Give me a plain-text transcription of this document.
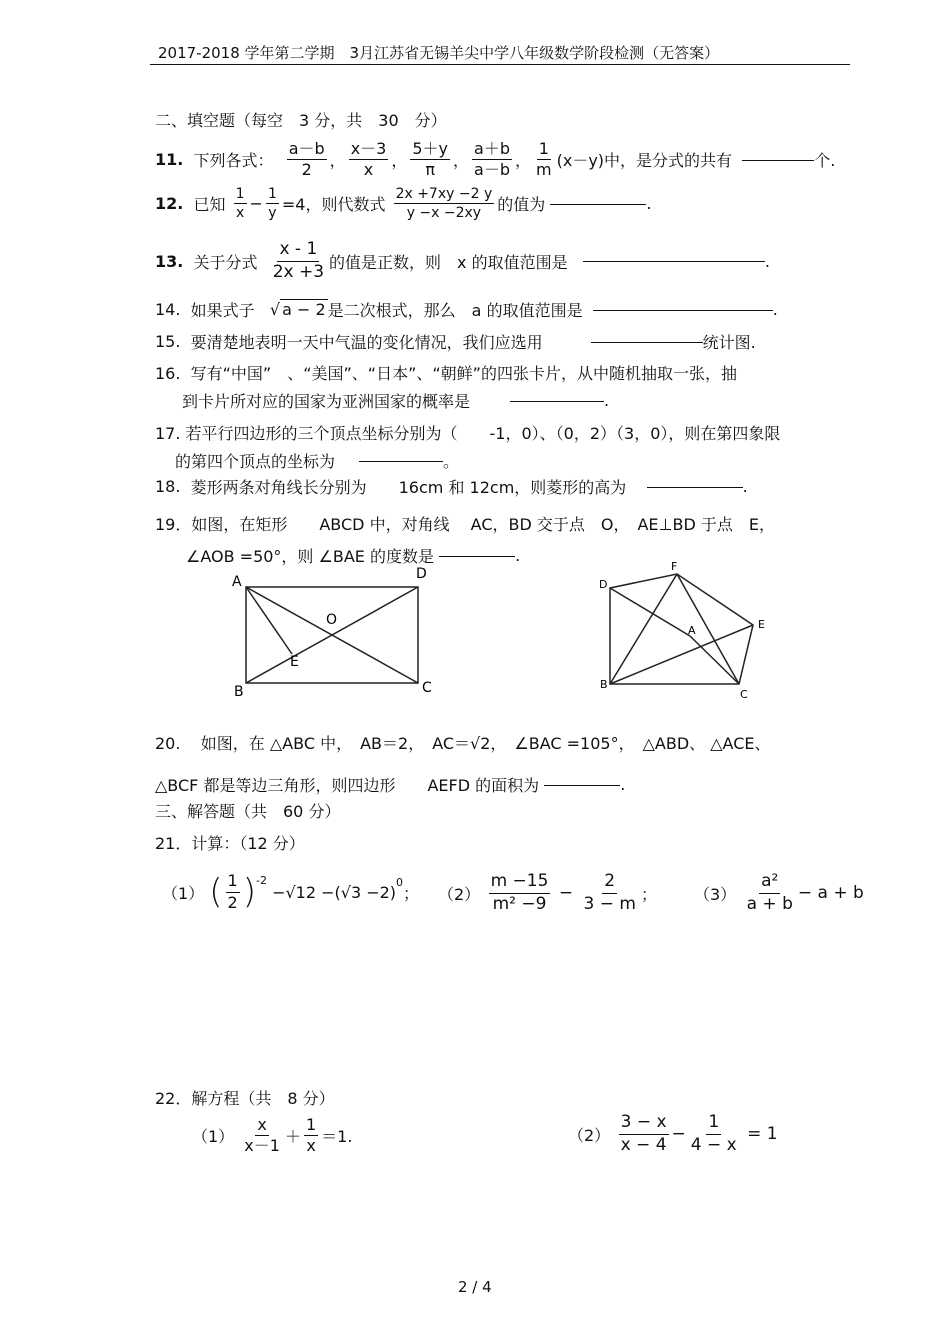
2017-2018 学年第二学期　3月江苏省无锡羊尖中学八年级数学阶段检测（无答案）
二、填空题（每空　3 分，共　30　分）
11.
下列各式：
$\frac{a-b}{2}$ ， $\frac{x-3}{x}$ ， $\frac{5+y}{\pi}$ ， $\frac{a+b}{a-b}$ ， $\frac{1}{m} (x-y)$中，是分式的共有
	个.
12.
已知
$\frac{1}{x} - \frac{1}{y} =4$，则代数式
$\frac{2x +7xy -2 y}{y -x -2xy}$ 的值为
	.
13.
关于分式
$\frac{x - 1}{2x +3}$ 的值是正数，则　x 的取值范围是
	.
14.
如果式子
√ a − 2 是二次根式，那么　a 的取值范围是
	.
15.
要清楚地表明一天中气温的变化情况，我们应选用	统计图.
16. 写有“中国”　、“美国”、“日本”、“朝鲜”的四张卡片，从中随机抽取一张，抽
到卡片所对应的国家为亚洲国家的概率是	.
17. 若平行四边形的三个顶点坐标分别为（　　-1，0）、（0，2）（3，0），则在第四象限
的第四个顶点的坐标为	。
18.
菱形两条对角线长分别为　　16cm 和 12cm，则菱形的高为
	.
19．如图，在矩形　　ABCD 中，对角线　 AC，BD 交于点　O，　AE⊥BD 于点　E，
∠AOB =50°，则 ∠BAE 的度数是
	.
A	D
B	C
O
E
D
F
E
A
B
C
20. 如图，在 △ABC 中，　AB＝2，　AC＝√2，　∠BAC =105°，　△ABD、 △ACE、
△BCF 都是等边三角形，则四边形　　AEFD 的面积为
	.
三、解答题（共　60 分）
21．计算：（12 分）
（1）
( $\frac{1}{2}$ ) -2

−√12 −(√3 −2) 0
； （2）
$\frac{m -15}{\text{m² −9}} - \frac{2}{3 - m}$ ； （3）
$\frac{\text{a²}}{a + b} - a + b$
22．解方程（共　8 分）
（1）
$\frac{x}{x-1} + \frac{1}{x} =1$.	（2）
$\frac{3 - x}{x - 4} - \frac{1}{4 - x}$
= 1
2 / 4
